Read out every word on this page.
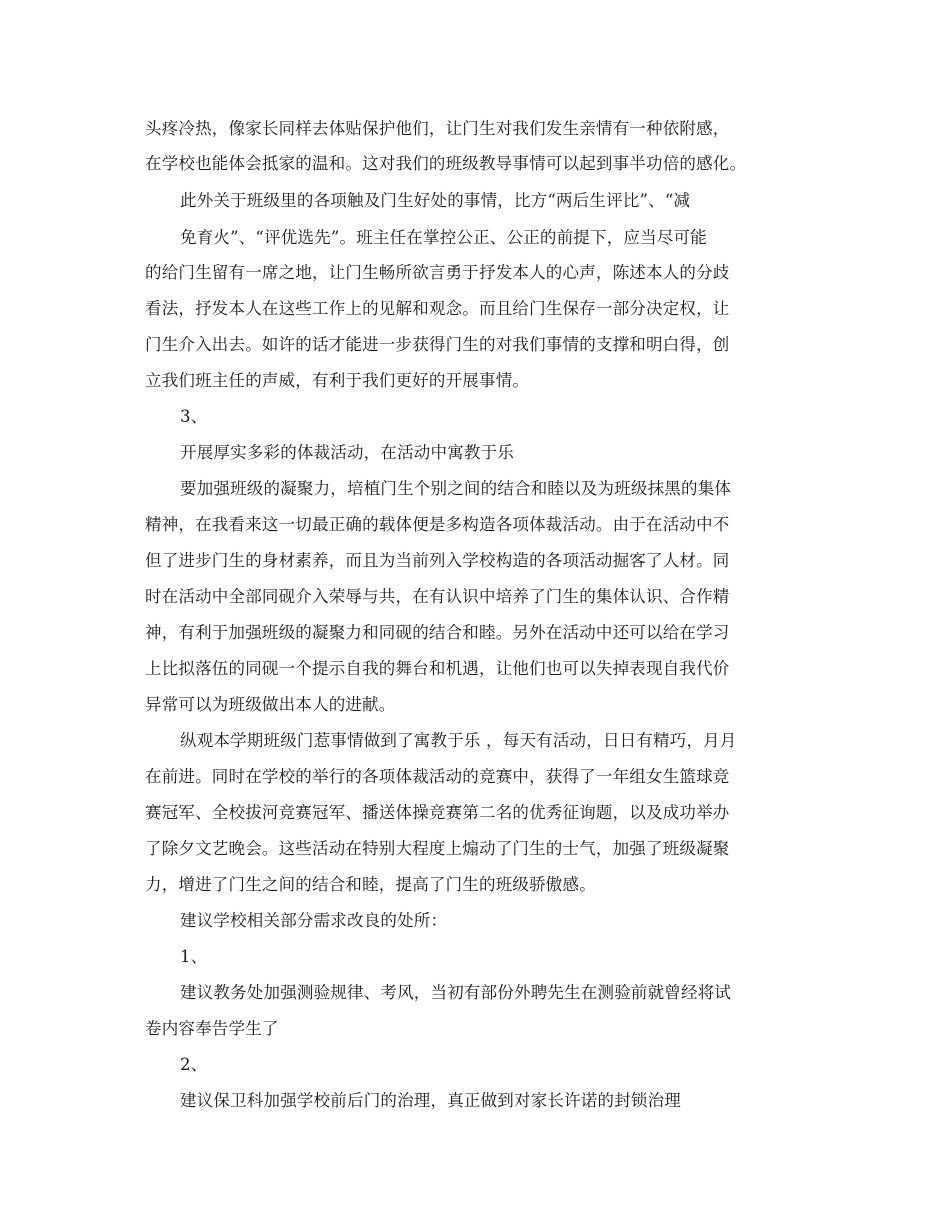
头疼冷热，像家长同样去体贴保护他们，让门生对我们发生亲情有一种依附感，
在学校也能体会抵家的温和。这对我们的班级教导事情可以起到事半功倍的感化。
此外关于班级里的各项触及门生好处的事情，比方“两后生评比”、“减
免育火”、“评优选先”。班主任在掌控公正、公正的前提下，应当尽可能
的给门生留有一席之地，让门生畅所欲言勇于抒发本人的心声，陈述本人的分歧
看法，抒发本人在这些工作上的见解和观念。而且给门生保存一部分决定权，让
门生介入出去。如许的话才能进一步获得门生的对我们事情的支撑和明白得，创
立我们班主任的声威，有利于我们更好的开展事情。
3、
开展厚实多彩的体裁活动，在活动中寓教于乐
要加强班级的凝聚力，培植门生个别之间的结合和睦以及为班级抹黑的集体
精神，在我看来这一切最正确的载体便是多构造各项体裁活动。由于在活动中不
但了进步门生的身材素养，而且为当前列入学校构造的各项活动掘客了人材。同
时在活动中全部同砚介入荣辱与共，在有认识中培养了门生的集体认识、合作精
神，有利于加强班级的凝聚力和同砚的结合和睦。另外在活动中还可以给在学习
上比拟落伍的同砚一个提示自我的舞台和机遇，让他们也可以失掉表现自我代价
异常可以为班级做出本人的进献。
纵观本学期班级门惹事情做到了寓教于乐 ，每天有活动，日日有精巧，月月
在前进。同时在学校的举行的各项体裁活动的竞赛中，获得了一年组女生篮球竞
赛冠军、全校拔河竞赛冠军、播送体操竞赛第二名的优秀征询题，以及成功举办
了除夕文艺晚会。这些活动在特别大程度上煽动了门生的士气，加强了班级凝聚
力，增进了门生之间的结合和睦，提高了门生的班级骄傲感。
建议学校相关部分需求改良的处所：
1、
建议教务处加强测验规律、考风，当初有部份外聘先生在测验前就曾经将试
卷内容奉告学生了
2、
建议保卫科加强学校前后门的治理，真正做到对家长许诺的封锁治理
